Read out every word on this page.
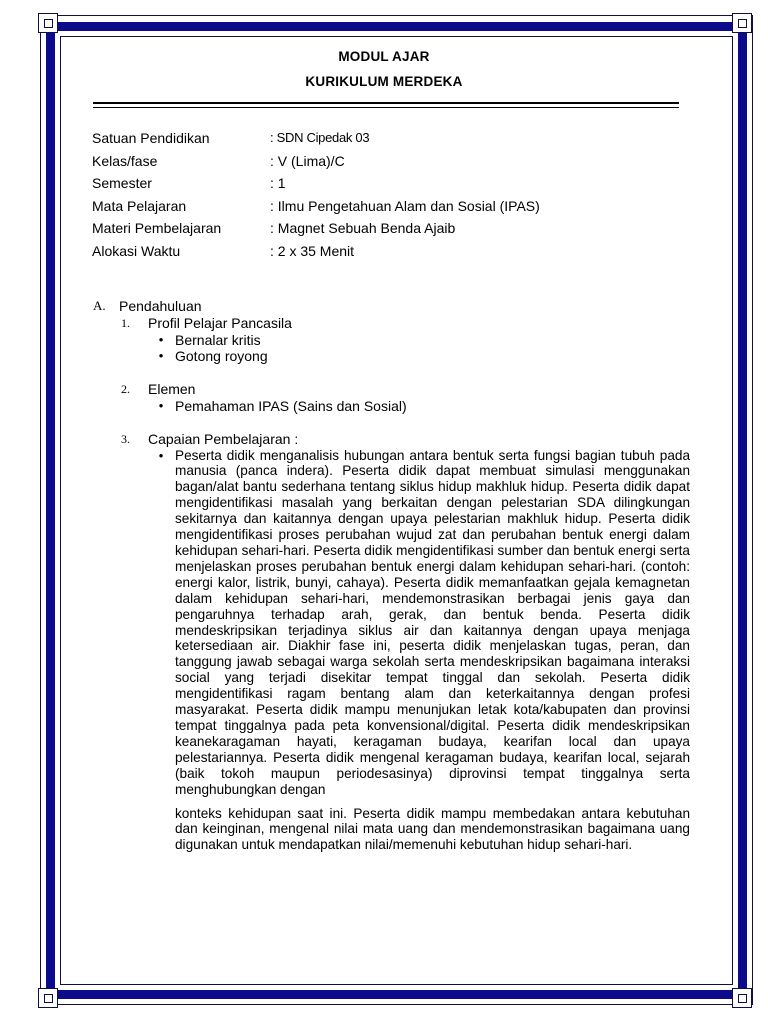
MODUL AJAR
KURIKULUM MERDEKA
Satuan Pendidikan	: SDN Cipedak 03
Kelas/fase	: V (Lima)/C
Semester	: 1
Mata Pelajaran	: Ilmu Pengetahuan Alam dan Sosial (IPAS)
Materi Pembelajaran	: Magnet Sebuah Benda Ajaib
Alokasi Waktu	: 2 x 35 Menit
A. Pendahuluan
1.	Profil Pelajar Pancasila
• Bernalar kritis
• Gotong royong
2.	Elemen
• Pemahaman IPAS (Sains dan Sosial)
3.	Capaian Pembelajaran :
• Peserta didik menganalisis hubungan antara bentuk serta fungsi bagian tubuh pada manusia (panca indera). Peserta didik dapat membuat simulasi menggunakan bagan/alat bantu sederhana tentang siklus hidup makhluk hidup. Peserta didik dapat mengidentifikasi masalah yang berkaitan dengan pelestarian SDA dilingkungan sekitarnya dan kaitannya dengan upaya pelestarian makhluk hidup. Peserta didik mengidentifikasi proses perubahan wujud zat dan perubahan bentuk energi dalam kehidupan sehari-hari. Peserta didik mengidentifikasi sumber dan bentuk energi serta menjelaskan proses perubahan bentuk energi dalam kehidupan sehari-hari. (contoh: energi kalor, listrik, bunyi, cahaya). Peserta didik memanfaatkan gejala kemagnetan dalam kehidupan sehari-hari, mendemonstrasikan berbagai jenis gaya dan pengaruhnya terhadap arah, gerak, dan bentuk benda. Peserta didik mendeskripsikan terjadinya siklus air dan kaitannya dengan upaya menjaga ketersediaan air. Diakhir fase ini, peserta didik menjelaskan tugas, peran, dan tanggung jawab sebagai warga sekolah serta mendeskripsikan bagaimana interaksi social yang terjadi disekitar tempat tinggal dan sekolah. Peserta didik mengidentifikasi ragam bentang alam dan keterkaitannya dengan profesi masyarakat. Peserta didik mampu menunjukan letak kota/kabupaten dan provinsi tempat tinggalnya pada peta konvensional/digital. Peserta didik mendeskripsikan keanekaragaman hayati, keragaman budaya, kearifan local dan upaya pelestariannya. Peserta didik mengenal keragaman budaya, kearifan local, sejarah (baik tokoh maupun periodesasinya) diprovinsi tempat tinggalnya serta menghubungkan dengan
konteks kehidupan saat ini. Peserta didik mampu membedakan antara kebutuhan dan keinginan, mengenal nilai mata uang dan mendemonstrasikan bagaimana uang digunakan untuk mendapatkan nilai/memenuhi kebutuhan hidup sehari-hari.
